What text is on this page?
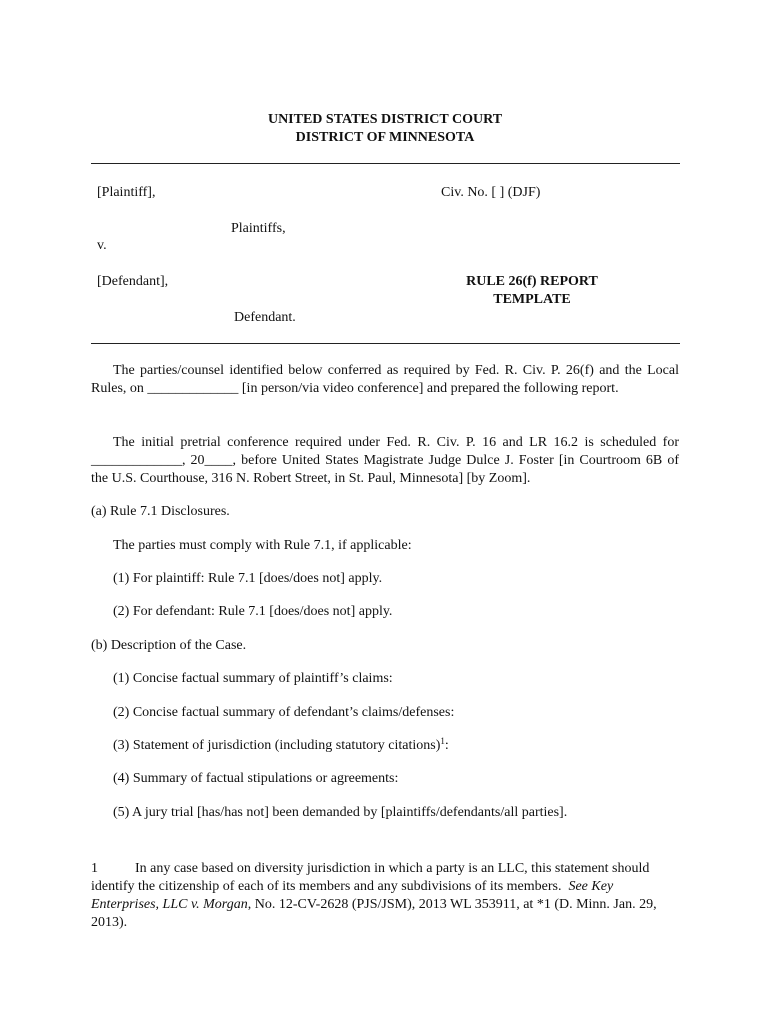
UNITED STATES DISTRICT COURT
DISTRICT OF MINNESOTA
[Plaintiff],	Civ. No. [ ] (DJF)
Plaintiffs,
v.
[Defendant],	RULE 26(f) REPORT
TEMPLATE
Defendant.
The parties/counsel identified below conferred as required by Fed. R. Civ. P. 26(f) and the Local Rules, on _____________ [in person/via video conference] and prepared the following report.
The initial pretrial conference required under Fed. R. Civ. P. 16 and LR 16.2 is scheduled for _____________, 20____, before United States Magistrate Judge Dulce J. Foster [in Courtroom 6B of the U.S. Courthouse, 316 N. Robert Street, in St. Paul, Minnesota] [by Zoom].
(a) Rule 7.1 Disclosures.
The parties must comply with Rule 7.1, if applicable:
(1) For plaintiff: Rule 7.1 [does/does not] apply.
(2) For defendant: Rule 7.1 [does/does not] apply.
(b) Description of the Case.
(1) Concise factual summary of plaintiff’s claims:
(2) Concise factual summary of defendant’s claims/defenses:
(3) Statement of jurisdiction (including statutory citations)$^1$:
(4) Summary of factual stipulations or agreements:
(5) A jury trial [has/has not] been demanded by [plaintiffs/defendants/all parties].
1	In any case based on diversity jurisdiction in which a party is an LLC, this statement should identify the citizenship of each of its members and any subdivisions of its members. See Key Enterprises, LLC v. Morgan, No. 12-CV-2628 (PJS/JSM), 2013 WL 353911, at *1 (D. Minn. Jan. 29, 2013).
